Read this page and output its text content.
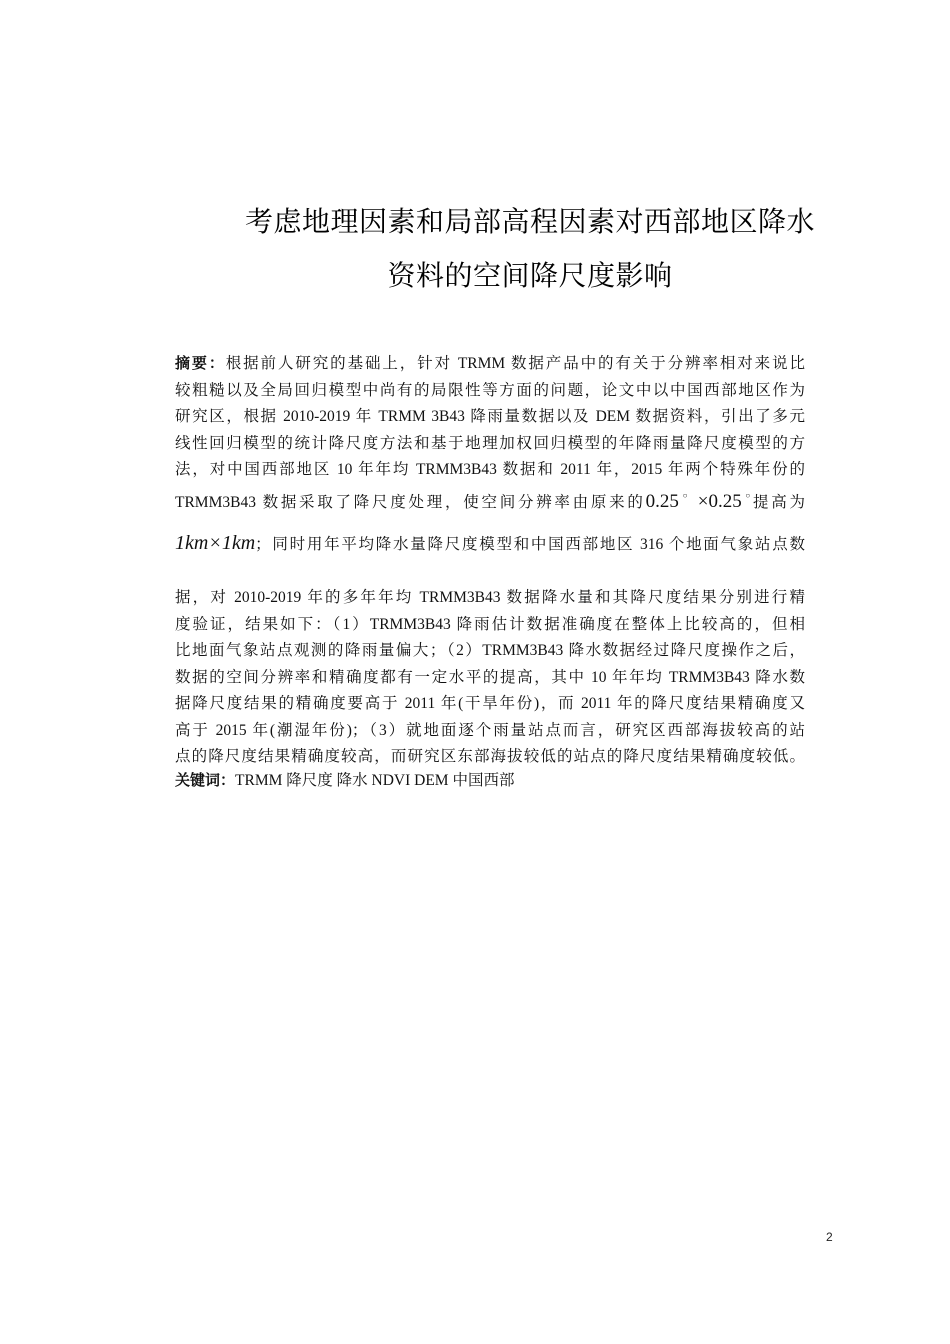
考虑地理因素和局部高程因素对西部地区降水
资料的空间降尺度影响
摘要：根据前人研究的基础上，针对 TRMM 数据产品中的有关于分辨率相对来说比
较粗糙以及全局回归模型中尚有的局限性等方面的问题，论文中以中国西部地区作为
研究区，根据 2010-2019 年 TRMM 3B43 降雨量数据以及 DEM 数据资料，引出了多元
线性回归模型的统计降尺度方法和基于地理加权回归模型的年降雨量降尺度模型的方
法，对中国西部地区 10 年年均 TRMM3B43 数据和 2011 年，2015 年两个特殊年份的
TRMM3B43 数据采取了降尺度处理，使空间分辨率由原来的0.25○ ×0.25○提高为
1km×1km；同时用年平均降水量降尺度模型和中国西部地区 316 个地面气象站点数
据，对 2010-2019 年的多年年均 TRMM3B43 数据降水量和其降尺度结果分别进行精
度验证，结果如下：（1）TRMM3B43 降雨估计数据准确度在整体上比较高的，但相
比地面气象站点观测的降雨量偏大；（2）TRMM3B43 降水数据经过降尺度操作之后，
数据的空间分辨率和精确度都有一定水平的提高，其中 10 年年均 TRMM3B43 降水数
据降尺度结果的精确度要高于 2011 年(干旱年份)，而 2011 年的降尺度结果精确度又
高于 2015 年(潮湿年份)；（3）就地面逐个雨量站点而言，研究区西部海拔较高的站
点的降尺度结果精确度较高，而研究区东部海拔较低的站点的降尺度结果精确度较低。
关键词：TRMM 降尺度 降水 NDVI DEM 中国西部
2
